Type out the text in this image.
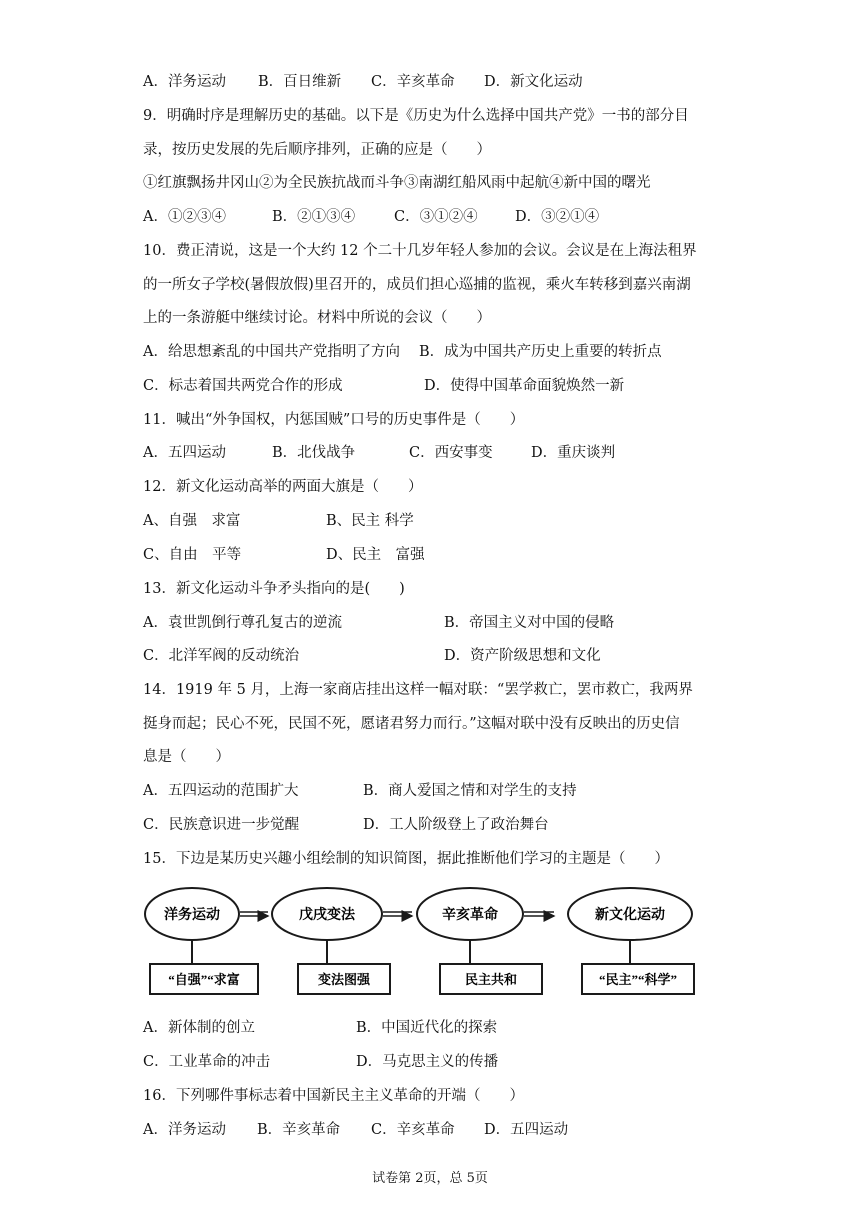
A．洋务运动 B．百日维新 C．辛亥革命 D．新文化运动
9．明确时序是理解历史的基础。以下是《历史为什么选择中国共产党》一书的部分目
录，按历史发展的先后顺序排列，正确的应是（　　）
①红旗飘扬井冈山②为全民族抗战而斗争③南湖红船风雨中起航④新中国的曙光
A．①②③④	B．②①③④	C．③①②④	D．③②①④
10．费正清说，这是一个大约 12 个二十几岁年轻人参加的会议。会议是在上海法租界
的一所女子学校(暑假放假)里召开的，成员们担心巡捕的监视，乘火车转移到嘉兴南湖
上的一条游艇中继续讨论。材料中所说的会议（　　）
A．给思想紊乱的中国共产党指明了方向 B．成为中国共产历史上重要的转折点
C．标志着国共两党合作的形成	D．使得中国革命面貌焕然一新
11．喊出“外争国权，内惩国贼”口号的历史事件是（　　）
A．五四运动	B．北伐战争	C．西安事变	D．重庆谈判
12．新文化运动高举的两面大旗是（　　）
A、自强　求富	B、民主 科学
C、自由　平等	D、民主　富强
13．新文化运动斗争矛头指向的是(　　)
A．袁世凯倒行尊孔复古的逆流	B．帝国主义对中国的侵略
C．北洋军阀的反动统治	D．资产阶级思想和文化
14．1919 年 5 月，上海一家商店挂出这样一幅对联：“罢学救亡，罢市救亡，我两界
挺身而起；民心不死，民国不死，愿诸君努力而行。”这幅对联中没有反映出的历史信
息是（　　）
A．五四运动的范围扩大	B．商人爱国之情和对学生的支持
C．民族意识进一步觉醒	D．工人阶级登上了政治舞台
15．下边是某历史兴趣小组绘制的知识简图，据此推断他们学习的主题是（　　）
洋务运动
“自强”“求富
戊戌变法
变法图强
辛亥革命
民主共和
新文化运动
“民主”“科学”
A．新体制的创立	B．中国近代化的探索
C．工业革命的冲击	D．马克思主义的传播
16．下列哪件事标志着中国新民主主义革命的开端（　　）
A．洋务运动 B．辛亥革命 C．辛亥革命 D．五四运动
试卷第 2页，总 5页
